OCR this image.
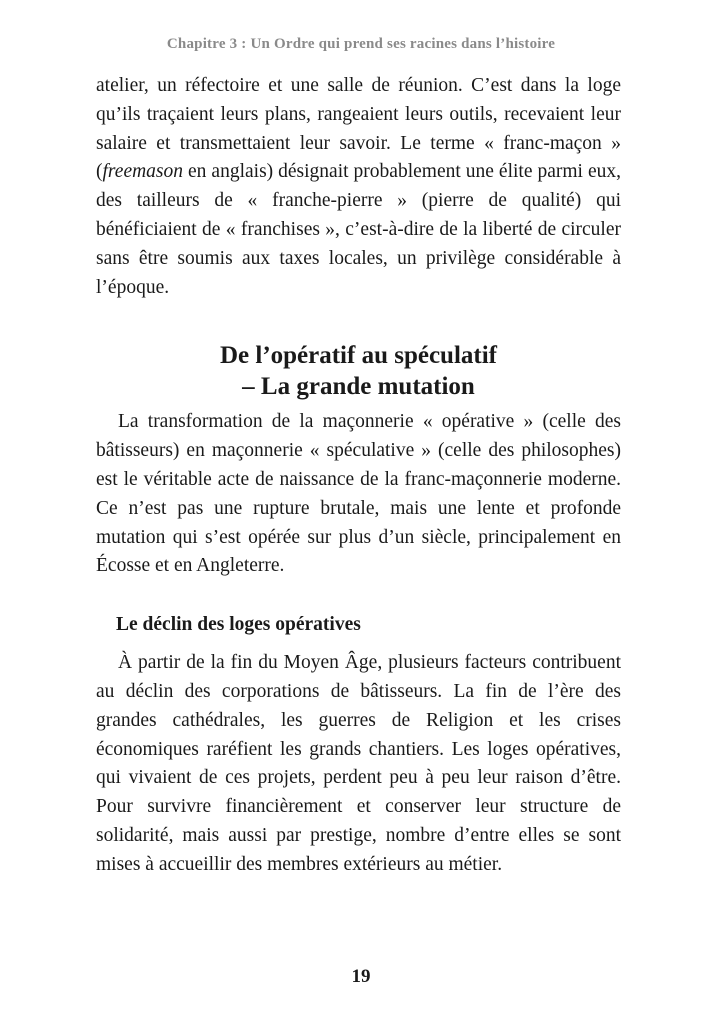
Chapitre 3 : Un Ordre qui prend ses racines dans l’histoire

atelier, un réfectoire et une salle de réunion. C’est dans la loge qu’ils traçaient leurs plans, rangeaient leurs outils, recevaient leur salaire et transmettaient leur savoir. Le terme « franc-maçon » (freemason en anglais) désignait probablement une élite parmi eux, des tailleurs de « franche-pierre » (pierre de qualité) qui bénéficiaient de « franchises », c’est-à-dire de la liberté de circuler sans être soumis aux taxes locales, un privilège considérable à l’époque.

De l’opératif au spéculatif
– La grande mutation

La transformation de la maçonnerie « opérative » (celle des bâtisseurs) en maçonnerie « spéculative » (celle des philosophes) est le véritable acte de naissance de la franc-maçonnerie moderne. Ce n’est pas une rupture brutale, mais une lente et profonde mutation qui s’est opérée sur plus d’un siècle, principalement en Écosse et en Angleterre.

Le déclin des loges opératives

À partir de la fin du Moyen Âge, plusieurs facteurs contribuent au déclin des corporations de bâtisseurs. La fin de l’ère des grandes cathédrales, les guerres de Religion et les crises économiques raréfient les grands chantiers. Les loges opératives, qui vivaient de ces projets, perdent peu à peu leur raison d’être. Pour survivre financièrement et conserver leur structure de solidarité, mais aussi par prestige, nombre d’entre elles se sont mises à accueillir des membres extérieurs au métier.

19
